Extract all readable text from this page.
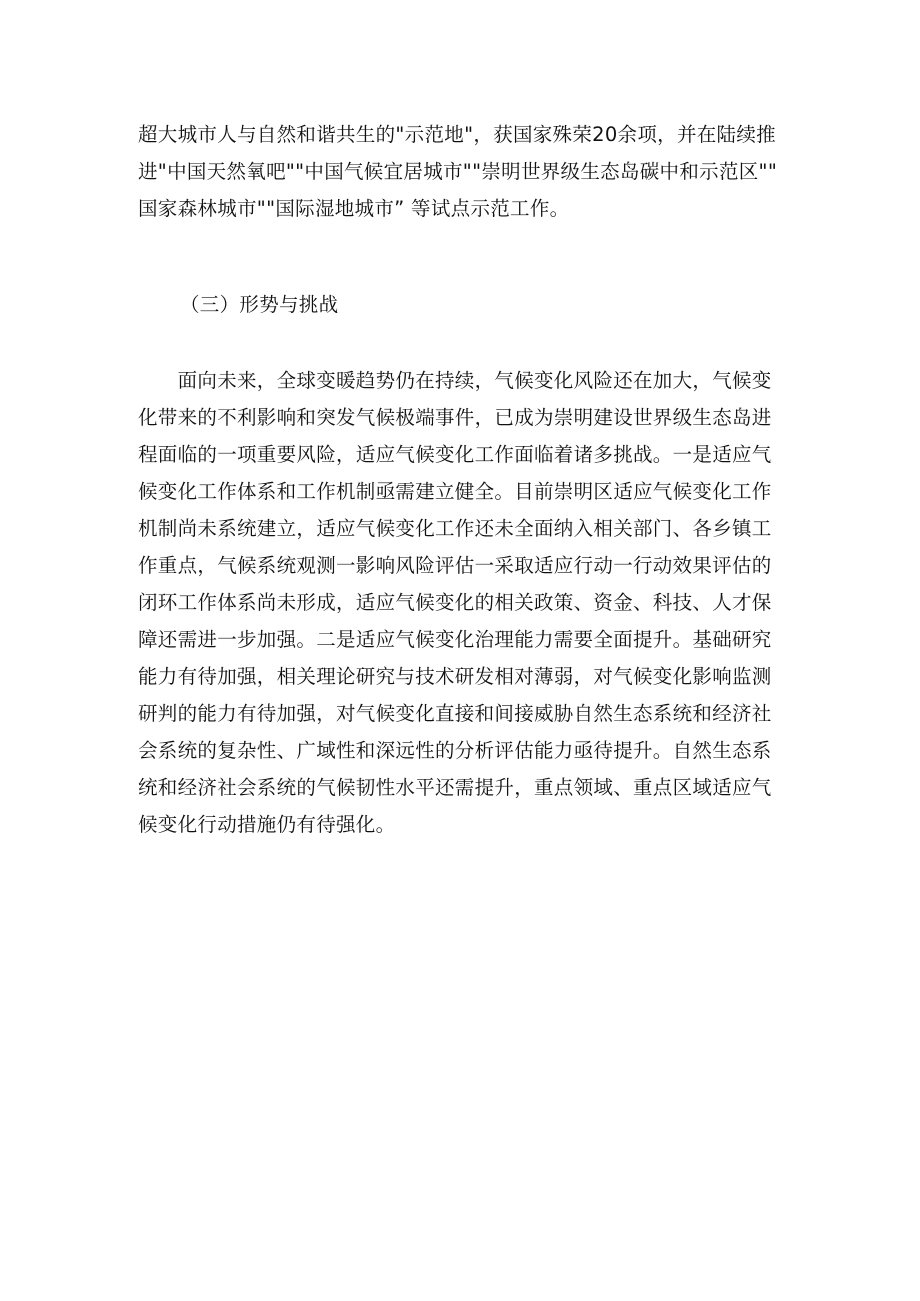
超大城市人与自然和谐共生的"示范地"，获国家殊荣20余项，并在陆续推
进"中国天然氧吧""中国气候宜居城市""崇明世界级生态岛碳中和示范区""
国家森林城市""国际湿地城市” 等试点示范工作。
（三）形势与挑战
　　面向未来，全球变暖趋势仍在持续，气候变化风险还在加大，气候变
化带来的不利影响和突发气候极端事件，已成为崇明建设世界级生态岛进
程面临的一项重要风险，适应气候变化工作面临着诸多挑战。一是适应气
候变化工作体系和工作机制亟需建立健全。目前崇明区适应气候变化工作
机制尚未系统建立，适应气候变化工作还未全面纳入相关部门、各乡镇工
作重点，气候系统观测一影响风险评估一采取适应行动一行动效果评估的
闭环工作体系尚未形成，适应气候变化的相关政策、资金、科技、人才保
障还需进一步加强。二是适应气候变化治理能力需要全面提升。基础研究
能力有待加强，相关理论研究与技术研发相对薄弱，对气候变化影响监测
研判的能力有待加强，对气候变化直接和间接威胁自然生态系统和经济社
会系统的复杂性、广域性和深远性的分析评估能力亟待提升。自然生态系
统和经济社会系统的气候韧性水平还需提升，重点领域、重点区域适应气
候变化行动措施仍有待强化。
